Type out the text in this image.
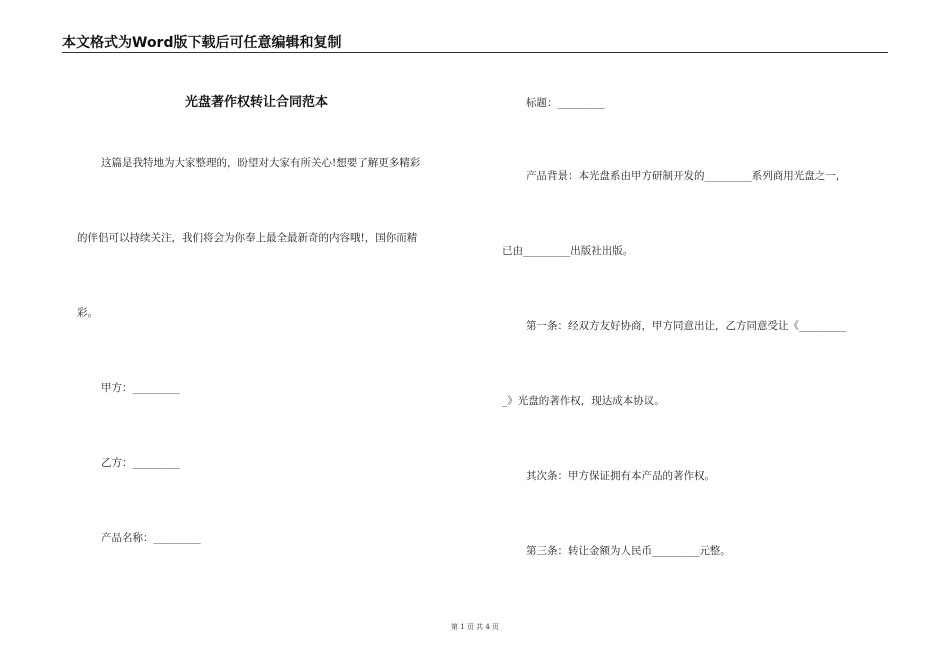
本文格式为Word版下载后可任意编辑和复制
光盘著作权转让合同范本
这篇是我特地为大家整理的，盼望对大家有所关心!想要了解更多精彩
的伴侣可以持续关注，我们将会为你奉上最全最新奇的内容哦!，国你而精
彩。
甲方：_________
乙方：_________
产品名称：_________
标题：_________
产品背景：本光盘系由甲方研制开发的_________系列商用光盘之一，
已由_________出版社出版。
第一条：经双方友好协商，甲方同意出让，乙方同意受让《_________
_》光盘的著作权，现达成本协议。
其次条：甲方保证拥有本产品的著作权。
第三条：转让金额为人民币_________元整。
第 1 页 共 4 页
